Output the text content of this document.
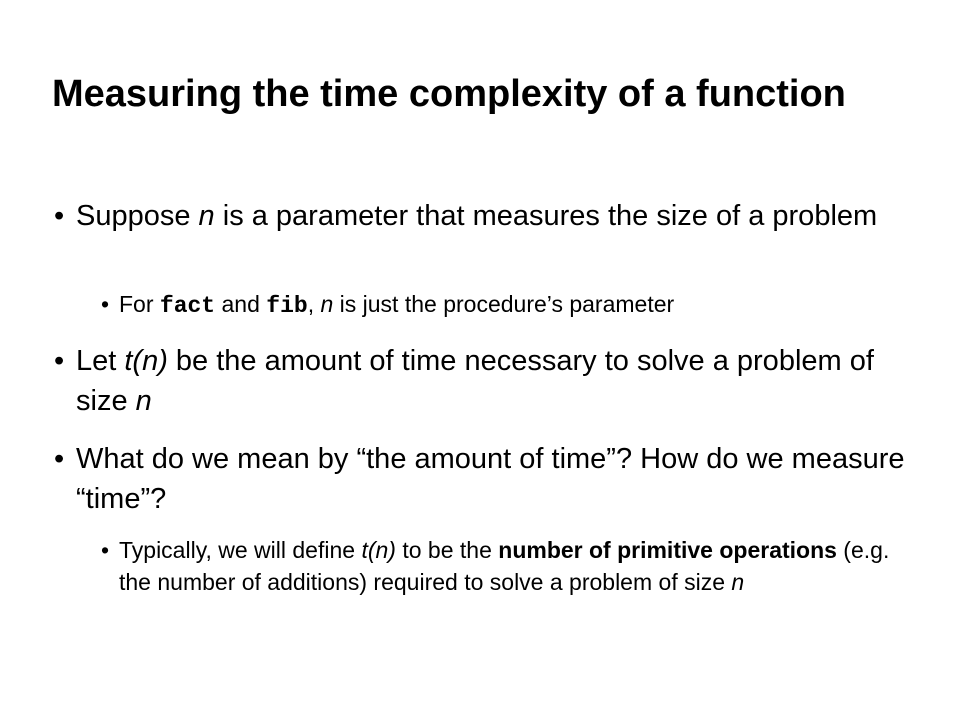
Measuring the time complexity of a function
• Suppose n is a parameter that measures the size of a problem
• For fact and fib, n is just the procedure’s parameter
• Let t(n) be the amount of time necessary to solve a problem of size n
• What do we mean by “the amount of time”? How do we measure “time”?
• Typically, we will define t(n) to be the number of primitive operations (e.g. the number of additions) required to solve a problem of size n
